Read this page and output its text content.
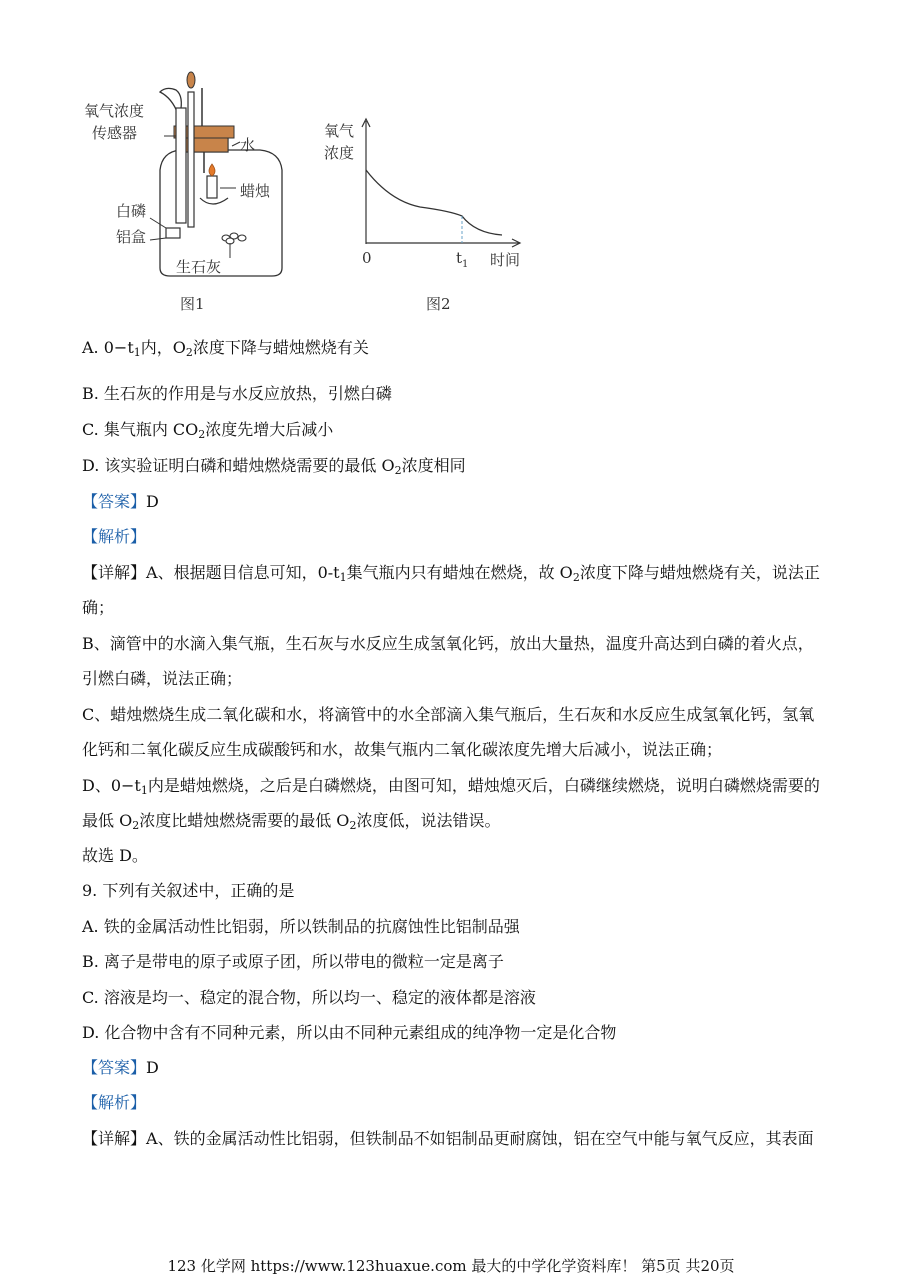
氧气浓度
传感器
水
蜡烛
白磷
铝盒
生石灰
图1
氧气
浓度
0	$t_1$ 时间
图2
A. $0-t_1$内，$O_2$浓度下降与蜡烛燃烧有关
B. 生石灰的作用是与水反应放热，引燃白磷
C. 集气瓶内 $CO_2$浓度先增大后减小
D. 该实验证明白磷和蜡烛燃烧需要的最低 $O_2$浓度相同
【答案】D
【解析】
【详解】A、根据题目信息可知，$0-t_1$集气瓶内只有蜡烛在燃烧，故 $O_2$浓度下降与蜡烛燃烧有关，说法正
确；
B、滴管中的水滴入集气瓶，生石灰与水反应生成氢氧化钙，放出大量热，温度升高达到白磷的着火点，
引燃白磷，说法正确；
C、蜡烛燃烧生成二氧化碳和水，将滴管中的水全部滴入集气瓶后，生石灰和水反应生成氢氧化钙，氢氧
化钙和二氧化碳反应生成碳酸钙和水，故集气瓶内二氧化碳浓度先增大后减小，说法正确；
D、$0-t_1$内是蜡烛燃烧，之后是白磷燃烧，由图可知，蜡烛熄灭后，白磷继续燃烧，说明白磷燃烧需要的
最低 $O_2$浓度比蜡烛燃烧需要的最低 $O_2$浓度低，说法错误。
故选 D。
9. 下列有关叙述中，正确的是
A. 铁的金属活动性比铝弱，所以铁制品的抗腐蚀性比铝制品强
B. 离子是带电的原子或原子团，所以带电的微粒一定是离子
C. 溶液是均一、稳定的混合物，所以均一、稳定的液体都是溶液
D. 化合物中含有不同种元素，所以由不同种元素组成的纯净物一定是化合物
【答案】D
【解析】
【详解】A、铁的金属活动性比铝弱，但铁制品不如铝制品更耐腐蚀，铝在空气中能与氧气反应，其表面
123 化学网 https://www.123huaxue.com 最大的中学化学资料库！ 第5页 共20页
